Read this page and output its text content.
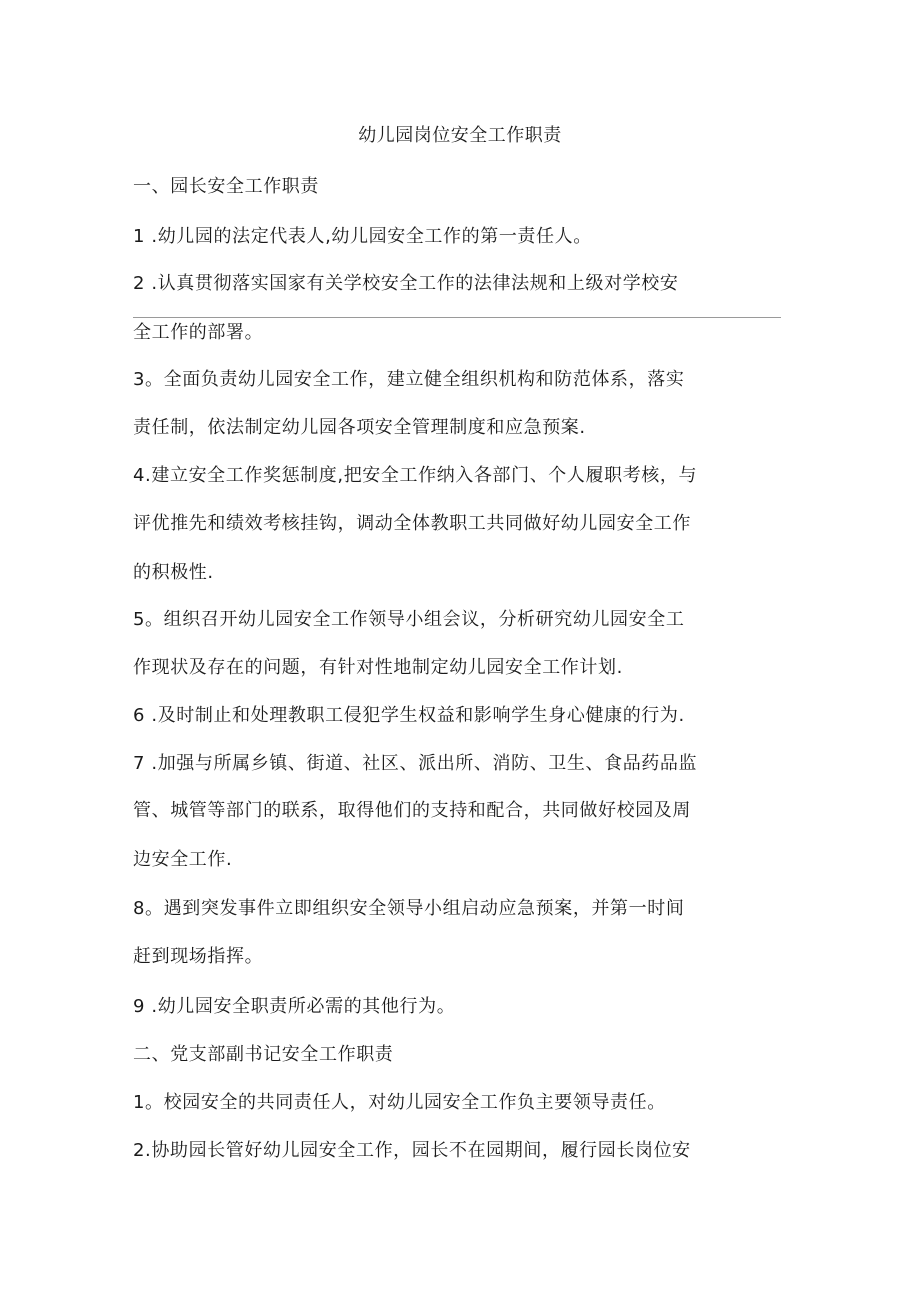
幼儿园岗位安全工作职责
一、园长安全工作职责
1 .幼儿园的法定代表人,幼儿园安全工作的第一责任人。
2 .认真贯彻落实国家有关学校安全工作的法律法规和上级对学校安
全工作的部署。
3。全面负责幼儿园安全工作，建立健全组织机构和防范体系，落实
责任制，依法制定幼儿园各项安全管理制度和应急预案.
4.建立安全工作奖惩制度,把安全工作纳入各部门、个人履职考核，与
评优推先和绩效考核挂钩，调动全体教职工共同做好幼儿园安全工作
的积极性.
5。组织召开幼儿园安全工作领导小组会议，分析研究幼儿园安全工
作现状及存在的问题，有针对性地制定幼儿园安全工作计划.
6 .及时制止和处理教职工侵犯学生权益和影响学生身心健康的行为.
7 .加强与所属乡镇、街道、社区、派出所、消防、卫生、食品药品监
管、城管等部门的联系，取得他们的支持和配合，共同做好校园及周
边安全工作.
8。遇到突发事件立即组织安全领导小组启动应急预案，并第一时间
赶到现场指挥。
9 .幼儿园安全职责所必需的其他行为。
二、党支部副书记安全工作职责
1。校园安全的共同责任人，对幼儿园安全工作负主要领导责任。
2.协助园长管好幼儿园安全工作，园长不在园期间，履行园长岗位安
